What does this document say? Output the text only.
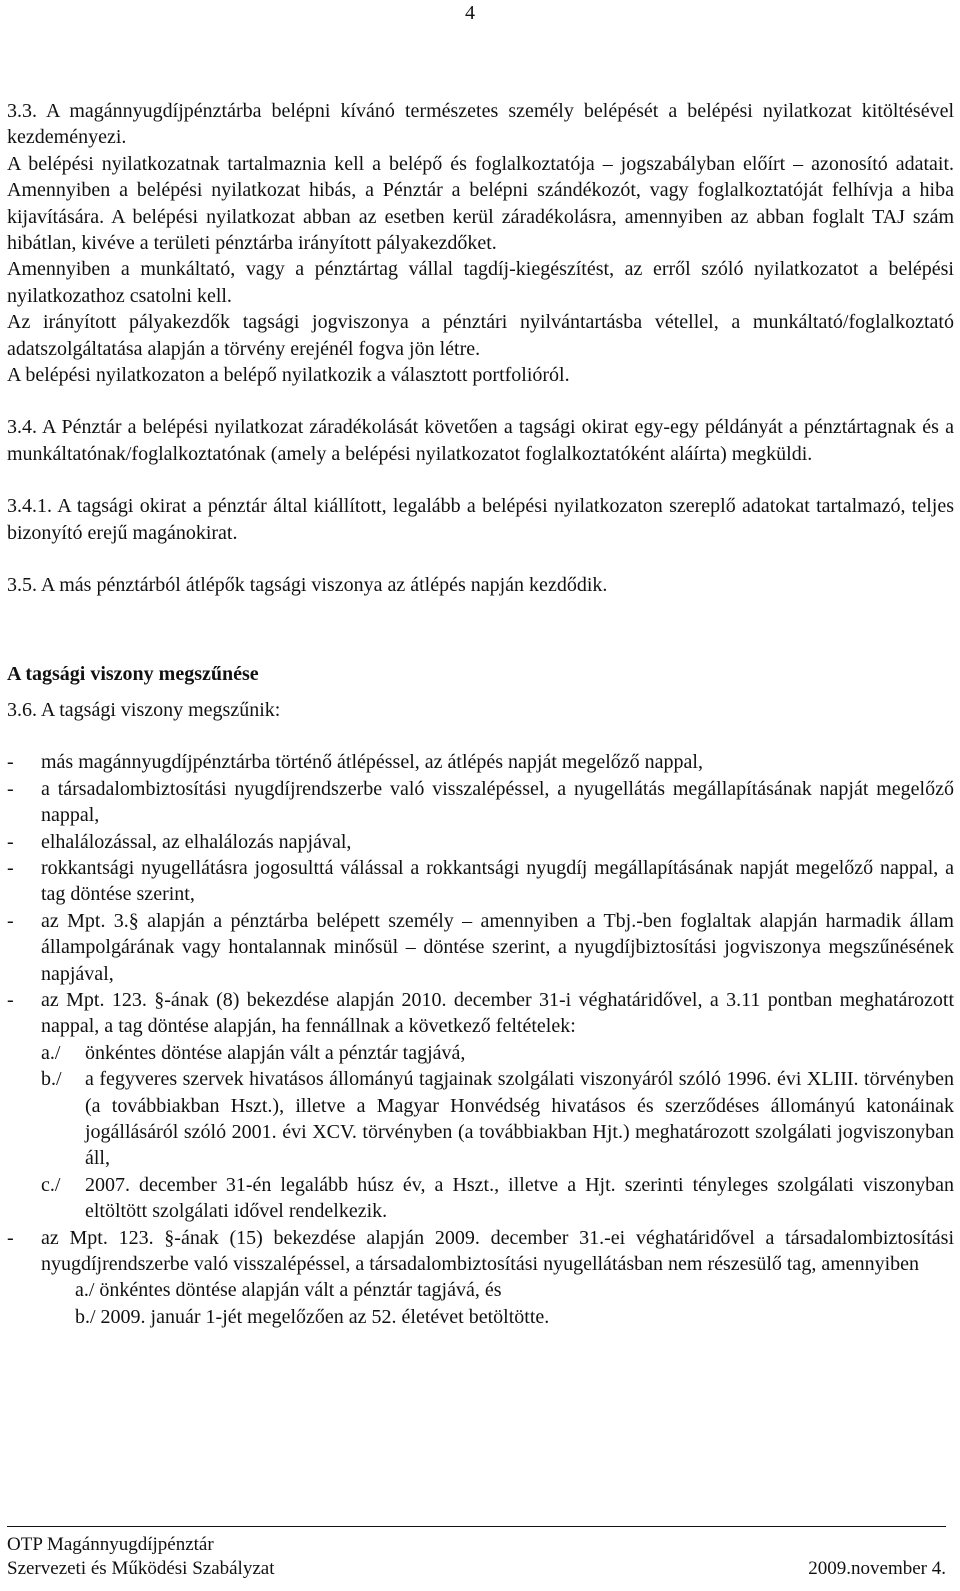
4

3.3. A magánnyugdíjpénztárba belépni kívánó természetes személy belépését a belépési nyilatkozat kitöltésével kezdeményezi.

A belépési nyilatkozatnak tartalmaznia kell a belépő és foglalkoztatója – jogszabályban előírt – azonosító adatait. Amennyiben a belépési nyilatkozat hibás, a Pénztár a belépni szándékozót, vagy foglalkoztatóját felhívja a hiba kijavítására. A belépési nyilatkozat abban az esetben kerül záradékolásra, amennyiben az abban foglalt TAJ szám hibátlan, kivéve a területi pénztárba irányított pályakezdőket.

Amennyiben a munkáltató, vagy a pénztártag vállal tagdíj-kiegészítést, az erről szóló nyilatkozatot a belépési nyilatkozathoz csatolni kell.

Az irányított pályakezdők tagsági jogviszonya a pénztári nyilvántartásba vétellel, a munkáltató/foglalkoztató adatszolgáltatása alapján a törvény erejénél fogva jön létre.

A belépési nyilatkozaton a belépő nyilatkozik a választott portfolióról.

3.4. A Pénztár a belépési nyilatkozat záradékolását követően a tagsági okirat egy-egy példányát a pénztártagnak és a munkáltatónak/foglalkoztatónak (amely a belépési nyilatkozatot foglalkoztatóként aláírta) megküldi.

3.4.1. A tagsági okirat a pénztár által kiállított, legalább a belépési nyilatkozaton szereplő adatokat tartalmazó, teljes bizonyító erejű magánokirat.

3.5. A más pénztárból átlépők tagsági viszonya az átlépés napján kezdődik.

A tagsági viszony megszűnése

3.6. A tagsági viszony megszűnik:

- más magánnyugdíjpénztárba történő átlépéssel, az átlépés napját megelőző nappal,

- a társadalombiztosítási nyugdíjrendszerbe való visszalépéssel, a nyugellátás megállapításának napját megelőző nappal,

- elhalálozással, az elhalálozás napjával,

- rokkantsági nyugellátásra jogosulttá válással a rokkantsági nyugdíj megállapításának napját megelőző nappal, a tag döntése szerint,

- az Mpt. 3.§ alapján a pénztárba belépett személy – amennyiben a Tbj.-ben foglaltak alapján harmadik állam állampolgárának vagy hontalannak minősül – döntése szerint, a nyugdíjbiztosítási jogviszonya megszűnésének napjával,

- az Mpt. 123. §-ának (8) bekezdése alapján 2010. december 31-i véghatáridővel, a 3.11 pontban meghatározott nappal, a tag döntése alapján, ha fennállnak a következő feltételek:

a./ önkéntes döntése alapján vált a pénztár tagjává,

b./ a fegyveres szervek hivatásos állományú tagjainak szolgálati viszonyáról szóló 1996. évi XLIII. törvényben (a továbbiakban Hszt.), illetve a Magyar Honvédség hivatásos és szerződéses állományú katonáinak jogállásáról szóló 2001. évi XCV. törvényben (a továbbiakban Hjt.) meghatározott szolgálati jogviszonyban áll,

c./ 2007. december 31-én legalább húsz év, a Hszt., illetve a Hjt. szerinti tényleges szolgálati viszonyban eltöltött szolgálati idővel rendelkezik.

- az Mpt. 123. §-ának (15) bekezdése alapján 2009. december 31.-ei véghatáridővel a társadalombiztosítási nyugdíjrendszerbe való visszalépéssel, a társadalombiztosítási nyugellátásban nem részesülő tag, amennyiben

a./ önkéntes döntése alapján vált a pénztár tagjává, és

b./ 2009. január 1-jét megelőzően az 52. életévet betöltötte.

OTP Magánnyugdíjpénztár
Szervezeti és Működési Szabályzat	2009.november 4.
